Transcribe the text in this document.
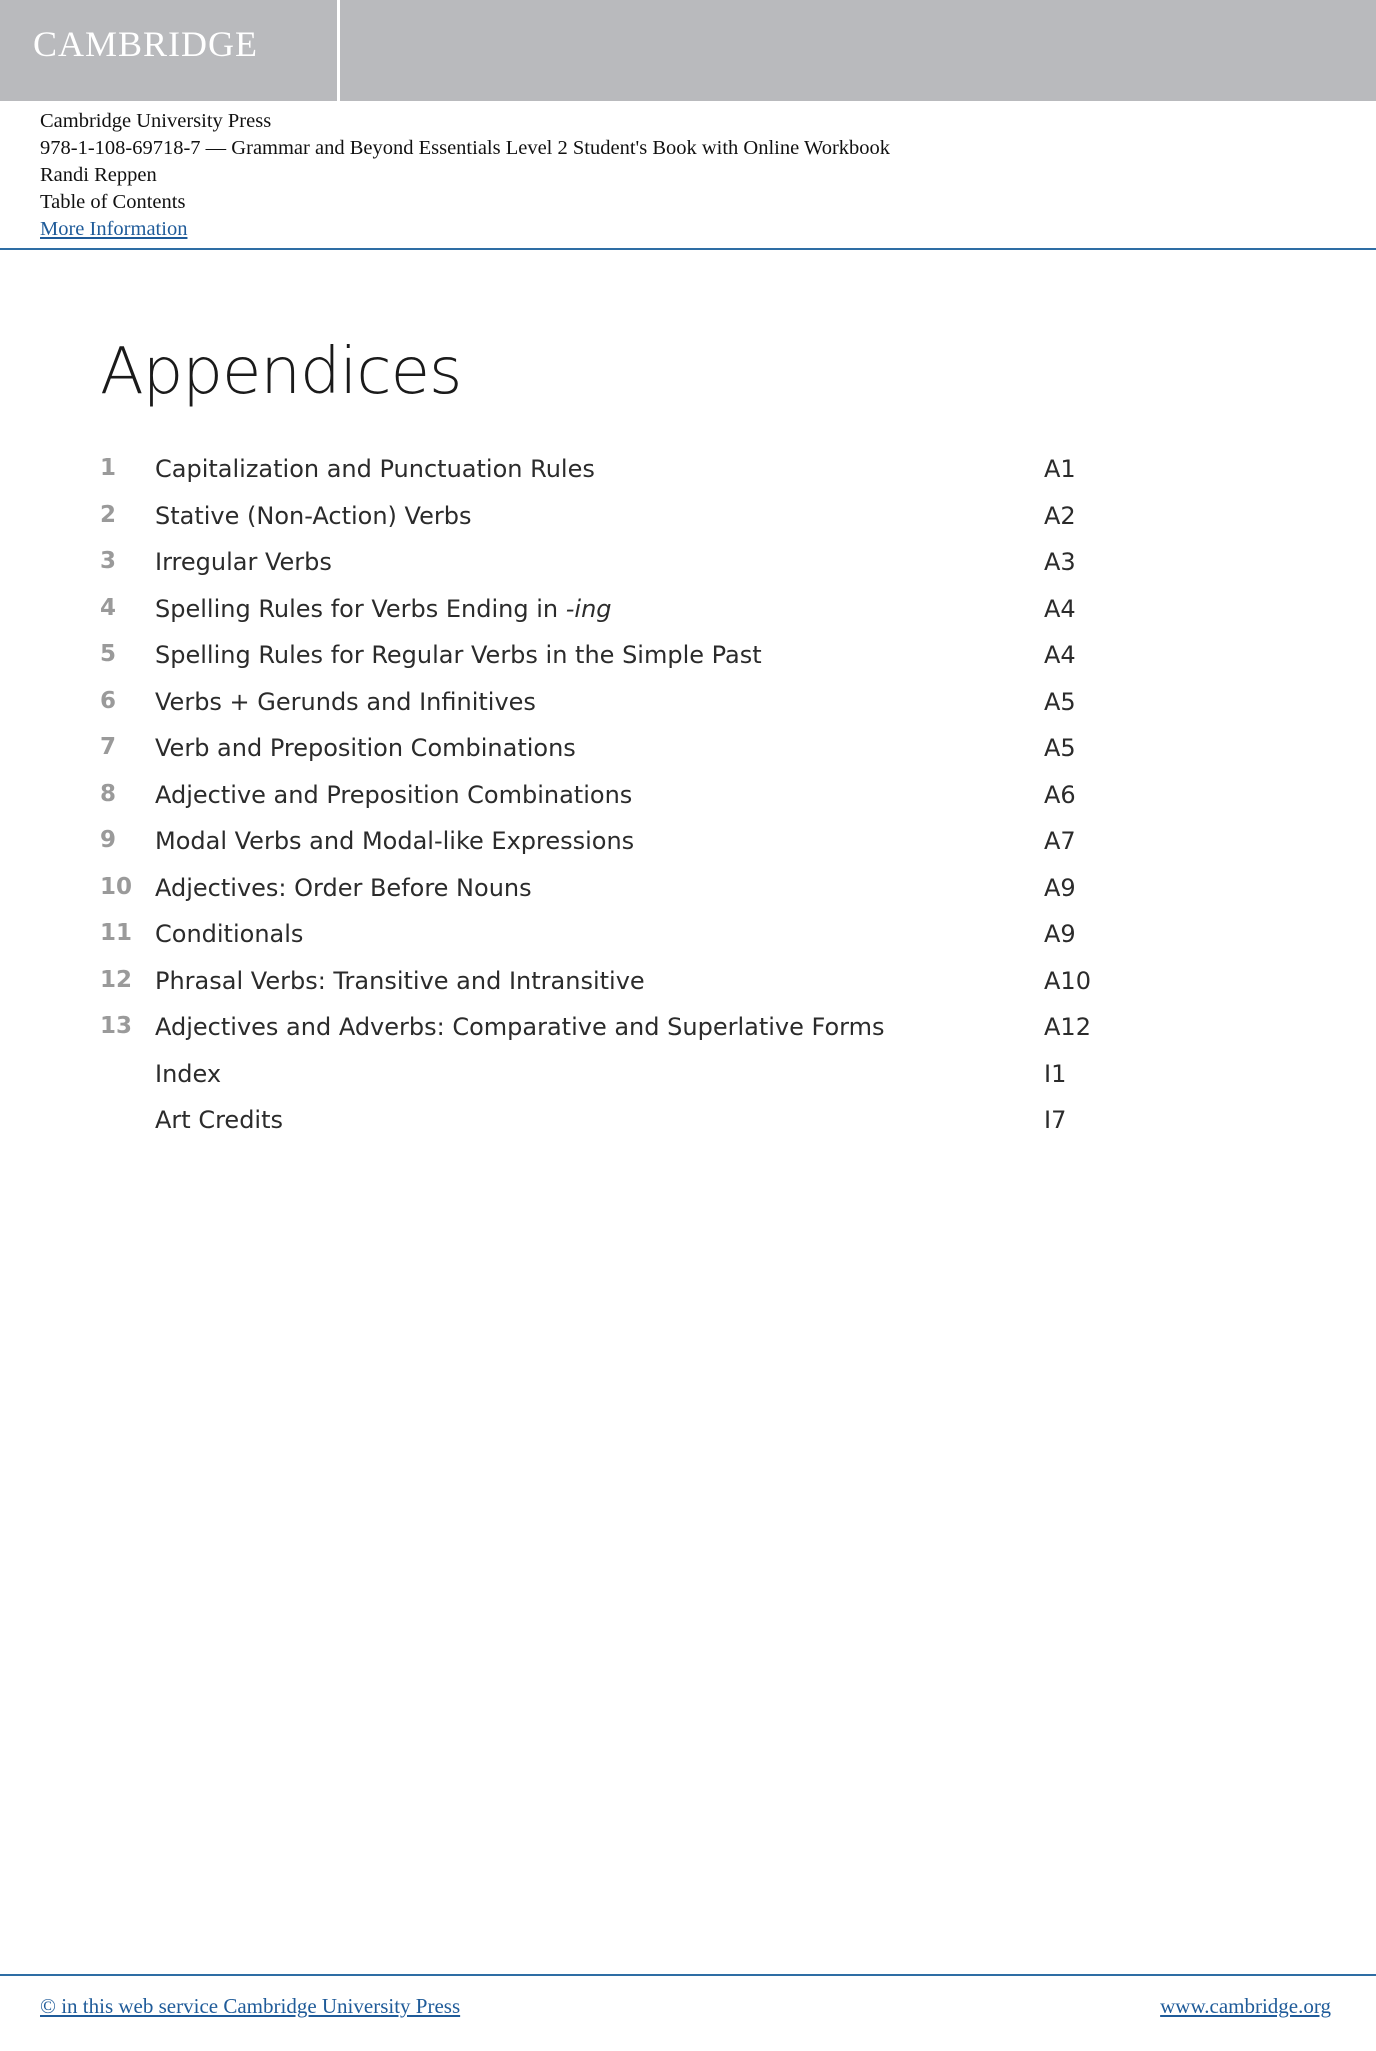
CAMBRIDGE
Cambridge University Press
978-1-108-69718-7 — Grammar and Beyond Essentials Level 2 Student's Book with Online Workbook
Randi Reppen
Table of Contents
More Information
Appendices
1 Capitalization and Punctuation Rules	A1
2 Stative (Non-Action) Verbs	A2
3 Irregular Verbs	A3
4 Spelling Rules for Verbs Ending in -ing	A4
5 Spelling Rules for Regular Verbs in the Simple Past	A4
6 Verbs + Gerunds and Infinitives	A5
7 Verb and Preposition Combinations	A5
8 Adjective and Preposition Combinations	A6
9 Modal Verbs and Modal-like Expressions	A7
10 Adjectives: Order Before Nouns	A9
11 Conditionals	A9
12 Phrasal Verbs: Transitive and Intransitive	A10
13 Adjectives and Adverbs: Comparative and Superlative Forms	A12
Index	I1
Art Credits	I7
© in this web service Cambridge University Press	www.cambridge.org
